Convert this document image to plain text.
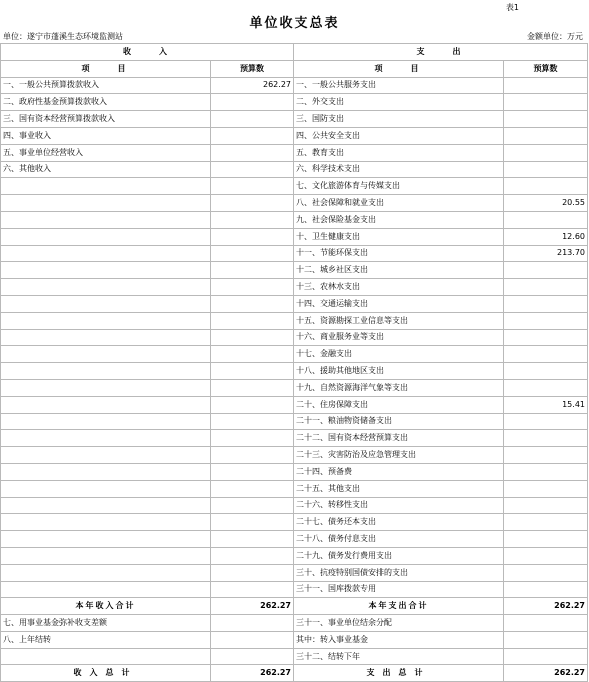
表1
单位收支总表
单位：遂宁市蓬溪生态环境监测站	金额单位：万元
收　　入		支　　出	
项　　目	预算数	项　　目	预算数
一、一般公共预算拨款收入	262.27	一、一般公共服务支出	
二、政府性基金预算拨款收入		二、外交支出	
三、国有资本经营预算拨款收入		三、国防支出	
四、事业收入		四、公共安全支出	
五、事业单位经营收入		五、教育支出	
六、其他收入		六、科学技术支出	
		七、文化旅游体育与传媒支出	
		八、社会保障和就业支出	20.55
		九、社会保险基金支出	
		十、卫生健康支出	12.60
		十一、节能环保支出	213.70
		十二、城乡社区支出	
		十三、农林水支出	
		十四、交通运输支出	
		十五、资源勘探工业信息等支出	
		十六、商业服务业等支出	
		十七、金融支出	
		十八、援助其他地区支出	
		十九、自然资源海洋气象等支出	
		二十、住房保障支出	15.41
		二十一、粮油物资储备支出	
		二十二、国有资本经营预算支出	
		二十三、灾害防治及应急管理支出	
		二十四、预备费	
		二十五、其他支出	
		二十六、转移性支出	
		二十七、债务还本支出	
		二十八、债务付息支出	
		二十九、债务发行费用支出	
		三十、抗疫特别国债安排的支出	
		三十一、国库拨款专用	
本年收入合计	262.27	本年支出合计	262.27
七、用事业基金弥补收支差额		三十一、事业单位结余分配	
八、上年结转		其中：转入事业基金	
		三十二、结转下年	
收入总计	262.27	支出总计	262.27
